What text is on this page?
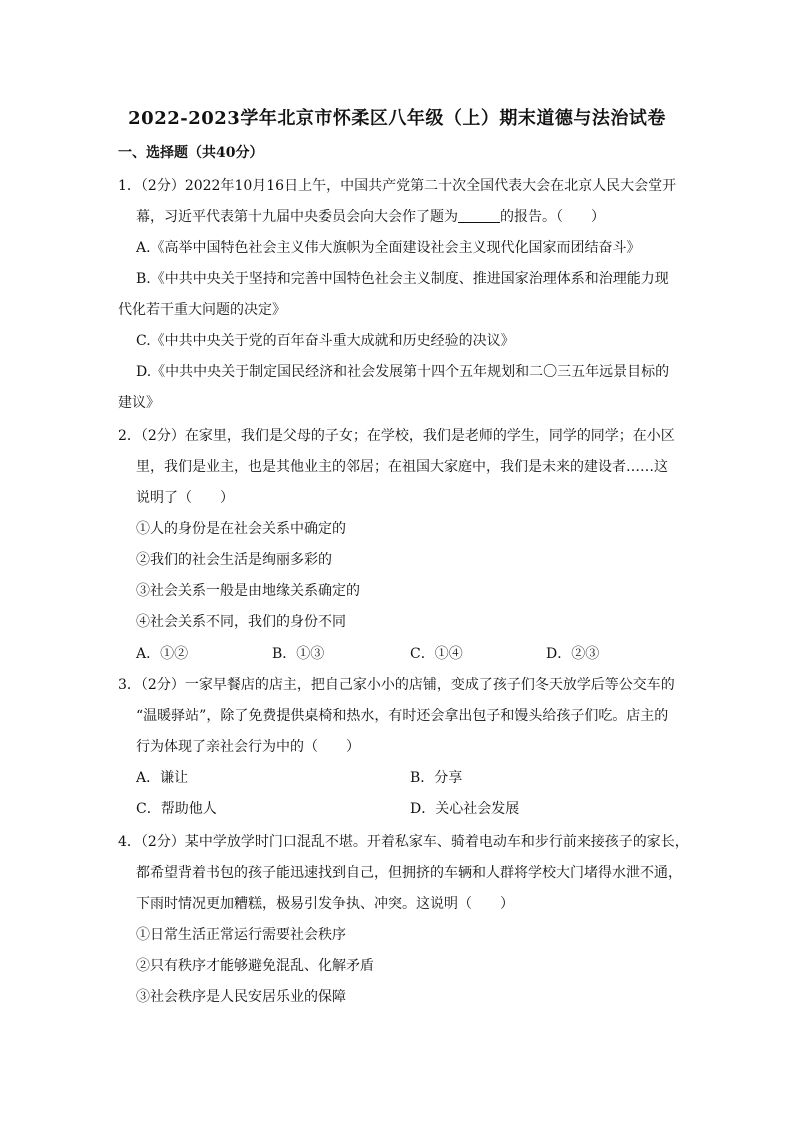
2022-2023学年北京市怀柔区八年级（上）期末道德与法治试卷
一、选择题（共40分）

1．（2分）2022年10月16日上午，中国共产党第二十次全国代表大会在北京人民大会堂开

幕，习近平代表第十九届中央委员会向大会作了题为	的报告。（　　）

A.《高举中国特色社会主义伟大旗帜为全面建设社会主义现代化国家而团结奋斗》

B.《中共中央关于坚持和完善中国特色社会主义制度、推进国家治理体系和治理能力现

代化若干重大问题的决定》

C.《中共中央关于党的百年奋斗重大成就和历史经验的决议》

D.《中共中央关于制定国民经济和社会发展第十四个五年规划和二〇三五年远景目标的

建议》

2．（2分）在家里，我们是父母的子女；在学校，我们是老师的学生，同学的同学；在小区

里，我们是业主，也是其他业主的邻居；在祖国大家庭中，我们是未来的建设者……这

说明了（　　）

①人的身份是在社会关系中确定的

②我们的社会生活是绚丽多彩的

③社会关系一般是由地缘关系确定的

④社会关系不同，我们的身份不同

A．①②	B．①③	C．①④	D．②③

3．（2分）一家早餐店的店主，把自己家小小的店铺，变成了孩子们冬天放学后等公交车的

“温暖驿站”，除了免费提供桌椅和热水，有时还会拿出包子和馒头给孩子们吃。店主的

行为体现了亲社会行为中的（　　）

A．谦让	B．分享
C．帮助他人	D．关心社会发展

4．（2分）某中学放学时门口混乱不堪。开着私家车、骑着电动车和步行前来接孩子的家长，

都希望背着书包的孩子能迅速找到自己，但拥挤的车辆和人群将学校大门堵得水泄不通，

下雨时情况更加糟糕，极易引发争执、冲突。这说明（　　）

①日常生活正常运行需要社会秩序

②只有秩序才能够避免混乱、化解矛盾

③社会秩序是人民安居乐业的保障
